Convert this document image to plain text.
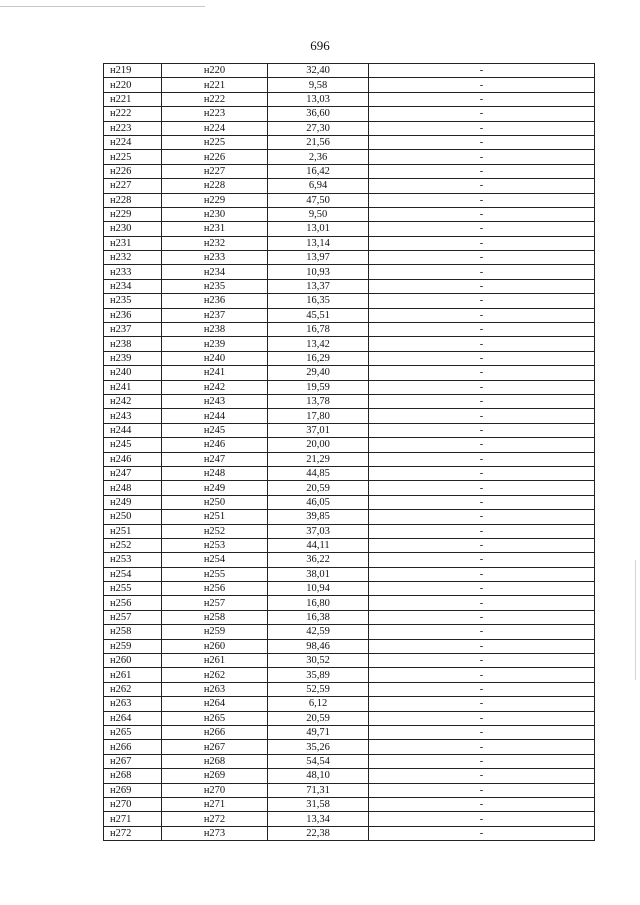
696
н219	н220	32,40	-
н220	н221	9,58	-
н221	н222	13,03	-
н222	н223	36,60	-
н223	н224	27,30	-
н224	н225	21,56	-
н225	н226	2,36	-
н226	н227	16,42	-
н227	н228	6,94	-
н228	н229	47,50	-
н229	н230	9,50	-
н230	н231	13,01	-
н231	н232	13,14	-
н232	н233	13,97	-
н233	н234	10,93	-
н234	н235	13,37	-
н235	н236	16,35	-
н236	н237	45,51	-
н237	н238	16,78	-
н238	н239	13,42	-
н239	н240	16,29	-
н240	н241	29,40	-
н241	н242	19,59	-
н242	н243	13,78	-
н243	н244	17,80	-
н244	н245	37,01	-
н245	н246	20,00	-
н246	н247	21,29	-
н247	н248	44,85	-
н248	н249	20,59	-
н249	н250	46,05	-
н250	н251	39,85	-
н251	н252	37,03	-
н252	н253	44,11	-
н253	н254	36,22	-
н254	н255	38,01	-
н255	н256	10,94	-
н256	н257	16,80	-
н257	н258	16,38	-
н258	н259	42,59	-
н259	н260	98,46	-
н260	н261	30,52	-
н261	н262	35,89	-
н262	н263	52,59	-
н263	н264	6,12	-
н264	н265	20,59	-
н265	н266	49,71	-
н266	н267	35,26	-
н267	н268	54,54	-
н268	н269	48,10	-
н269	н270	71,31	-
н270	н271	31,58	-
н271	н272	13,34	-
н272	н273	22,38	-
